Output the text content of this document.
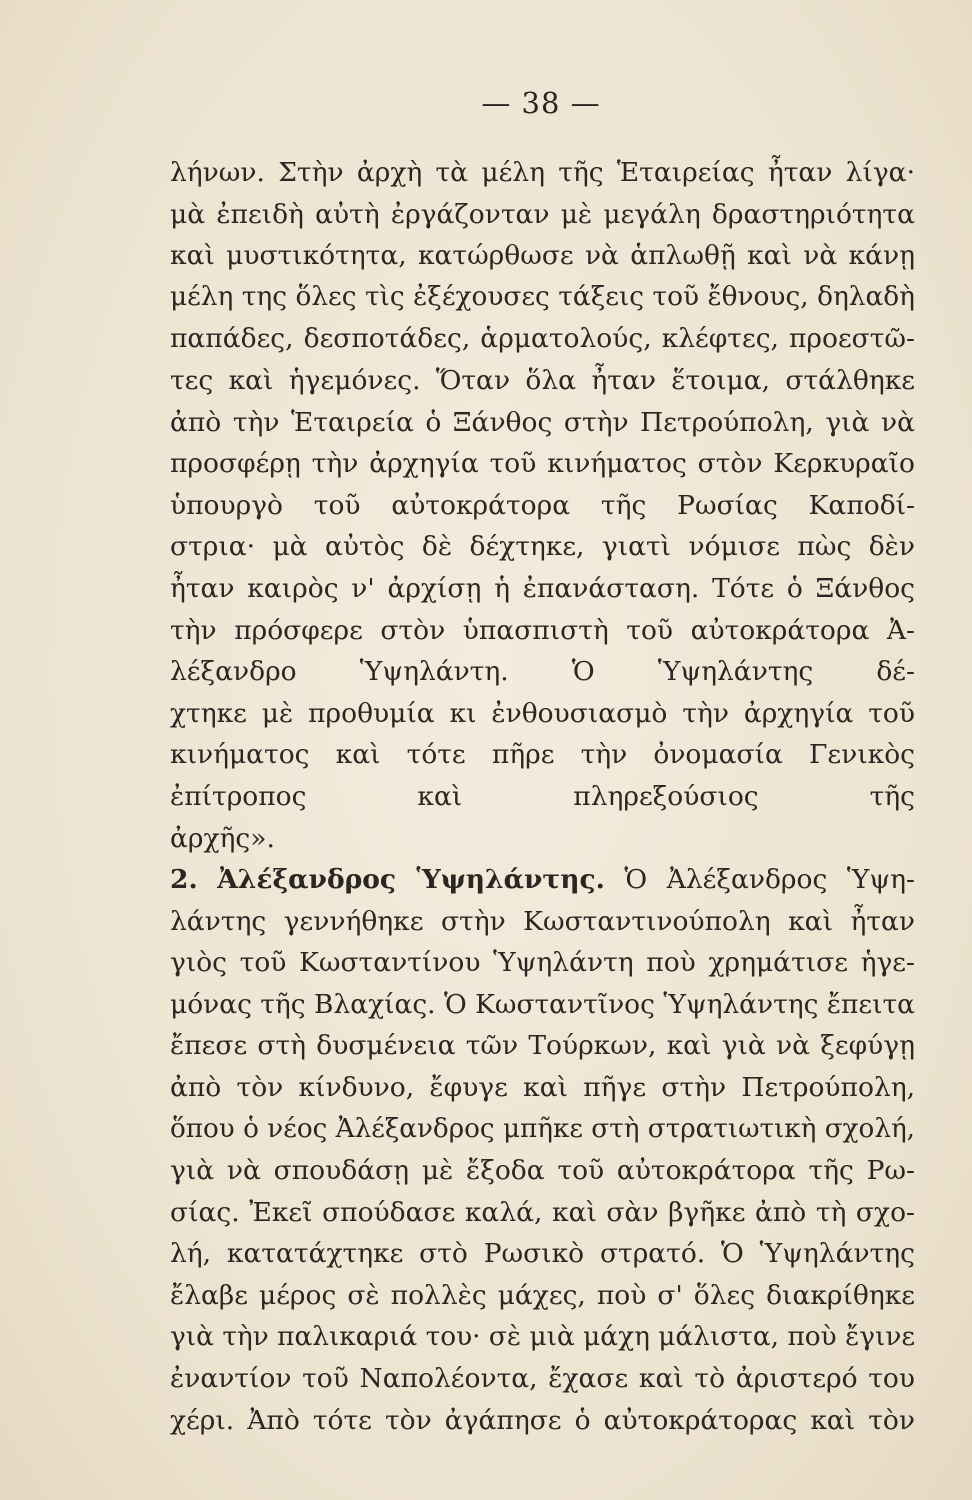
— 38 —
λήνων. Στὴν ἀρχὴ τὰ μέλη τῆς Ἑταιρείας ἦταν λίγα·
μὰ ἐπειδὴ αὐτὴ ἐργάζονταν μὲ μεγάλη δραστηριότητα
καὶ μυστικότητα, κατώρθωσε νὰ ἁπλωθῇ καὶ νὰ κάνῃ
μέλη της ὅλες τὶς ἐξέχουσες τάξεις τοῦ ἔθνους, δηλαδὴ
παπάδες, δεσποτάδες, ἁρματολούς, κλέφτες, προεστῶ-
τες καὶ ἡγεμόνες. Ὅταν ὅλα ἦταν ἕτοιμα, στάλθηκε
ἀπὸ τὴν Ἑταιρεία ὁ Ξάνθος στὴν Πετρούπολη, γιὰ νὰ
προσφέρῃ τὴν ἀρχηγία τοῦ κινήματος στὸν Κερκυραῖο
ὑπουργὸ τοῦ αὐτοκράτορα τῆς Ρωσίας Καποδί-
στρια· μὰ αὐτὸς δὲ δέχτηκε, γιατὶ νόμισε πὼς δὲν
ἦταν καιρὸς ν' ἀρχίσῃ ἡ ἐπανάσταση. Τότε ὁ Ξάνθος
τὴν πρόσφερε στὸν ὑπασπιστὴ τοῦ αὐτοκράτορα Ἀ-
λέξανδρο Ὑψηλάντη. Ὁ Ὑψηλάντης δέ-
χτηκε μὲ προθυμία κι ἐνθουσιασμὸ τὴν ἀρχηγία τοῦ
κινήματος καὶ τότε πῆρε τὴν ὀνομασία Γενικὸς
ἐπίτροπος καὶ πληρεξούσιος τῆς
ἀρχῆς».
2. Ἀλέξανδρος Ὑψηλάντης. Ὁ Ἀλέξανδρος Ὑψη-
λάντης γεννήθηκε στὴν Κωσταντινούπολη καὶ ἦταν
γιὸς τοῦ Κωσταντίνου Ὑψηλάντη ποὺ χρημάτισε ἡγε-
μόνας τῆς Βλαχίας. Ὁ Κωσταντῖνος Ὑψηλάντης ἔπειτα
ἔπεσε στὴ δυσμένεια τῶν Τούρκων, καὶ γιὰ νὰ ξεφύγῃ
ἀπὸ τὸν κίνδυνο, ἔφυγε καὶ πῆγε στὴν Πετρούπολη,
ὅπου ὁ νέος Ἀλέξανδρος μπῆκε στὴ στρατιωτικὴ σχολή,
γιὰ νὰ σπουδάσῃ μὲ ἔξοδα τοῦ αὐτοκράτορα τῆς Ρω-
σίας. Ἐκεῖ σπούδασε καλά, καὶ σὰν βγῆκε ἀπὸ τὴ σχο-
λή, κατατάχτηκε στὸ Ρωσικὸ στρατό. Ὁ Ὑψηλάντης
ἔλαβε μέρος σὲ πολλὲς μάχες, ποὺ σ' ὅλες διακρίθηκε
γιὰ τὴν παλικαριά του· σὲ μιὰ μάχη μάλιστα, ποὺ ἔγινε
ἐναντίον τοῦ Ναπολέοντα, ἔχασε καὶ τὸ ἀριστερό του
χέρι. Ἀπὸ τότε τὸν ἀγάπησε ὁ αὐτοκράτορας καὶ τὸν
